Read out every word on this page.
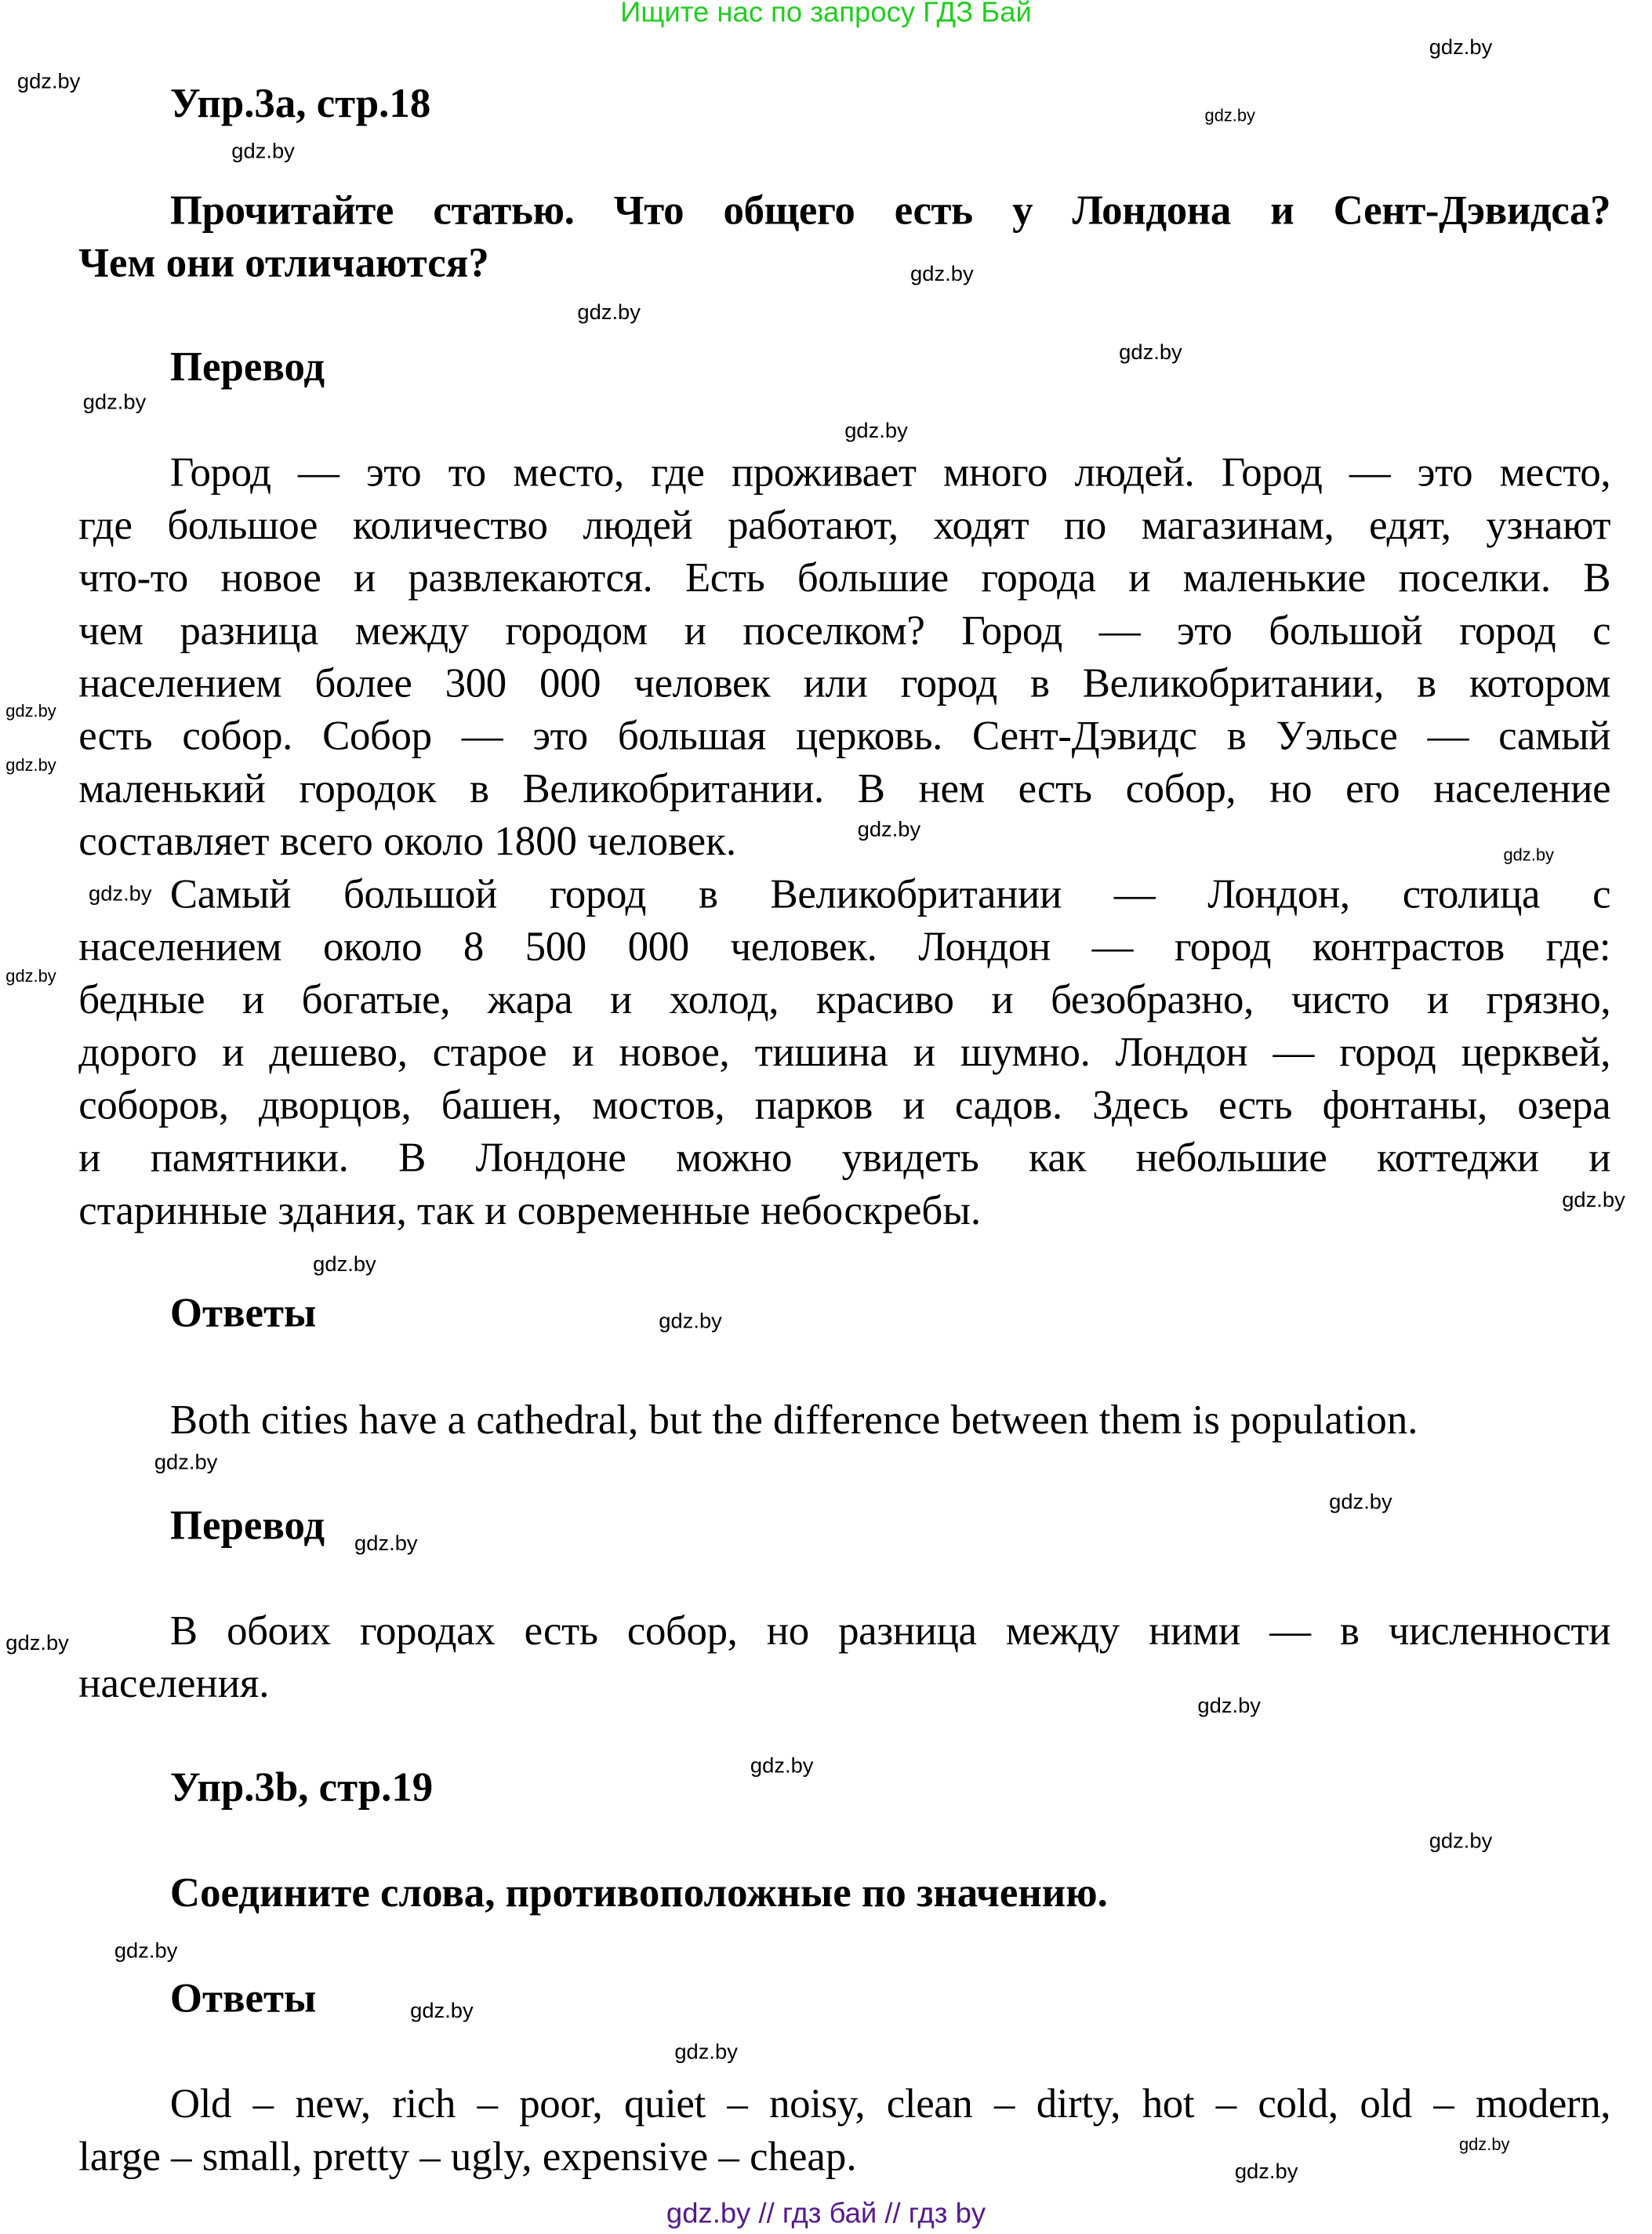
Ищите нас по запросу ГДЗ Бай
Упр.3a, стр.18
Прочитайте статью. Что общего есть у Лондона и Сент-Дэвидса?
Чем они отличаются?
Перевод
Город — это то место, где проживает много людей. Город — это место,
где большое количество людей работают, ходят по магазинам, едят, узнают
что-то новое и развлекаются. Есть большие города и маленькие поселки. В
чем разница между городом и поселком? Город — это большой город с
населением более 300 000 человек или город в Великобритании, в котором
есть собор. Собор — это большая церковь. Сент-Дэвидс в Уэльсе — самый
маленький городок в Великобритании. В нем есть собор, но его население
составляет всего около 1800 человек.
Самый большой город в Великобритании — Лондон, столица с
населением около 8 500 000 человек. Лондон — город контрастов где:
бедные и богатые, жара и холод, красиво и безобразно, чисто и грязно,
дорого и дешево, старое и новое, тишина и шумно. Лондон — город церквей,
соборов, дворцов, башен, мостов, парков и садов. Здесь есть фонтаны, озера
и памятники. В Лондоне можно увидеть как небольшие коттеджи и
старинные здания, так и современные небоскребы.
Ответы
Both cities have a cathedral, but the difference between them is population.
Перевод
В обоих городах есть собор, но разница между ними — в численности
населения.
Упр.3b, стр.19
Соедините слова, противоположные по значению.
Ответы
Old – new, rich – poor, quiet – noisy, clean – dirty, hot – cold, old – modern,
large – small, pretty – ugly, expensive – cheap.
gdz.by
gdz.by
gdz.by
gdz.by
gdz.by
gdz.by
gdz.by
gdz.by
gdz.by
gdz.by
gdz.by
gdz.by
gdz.by
gdz.by
gdz.by
gdz.by
gdz.by
gdz.by
gdz.by
gdz.by
gdz.by
gdz.by
gdz.by
gdz.by
gdz.by
gdz.by
gdz.by
gdz.by
gdz.by
gdz.by
gdz.by // гдз бай // гдз by
